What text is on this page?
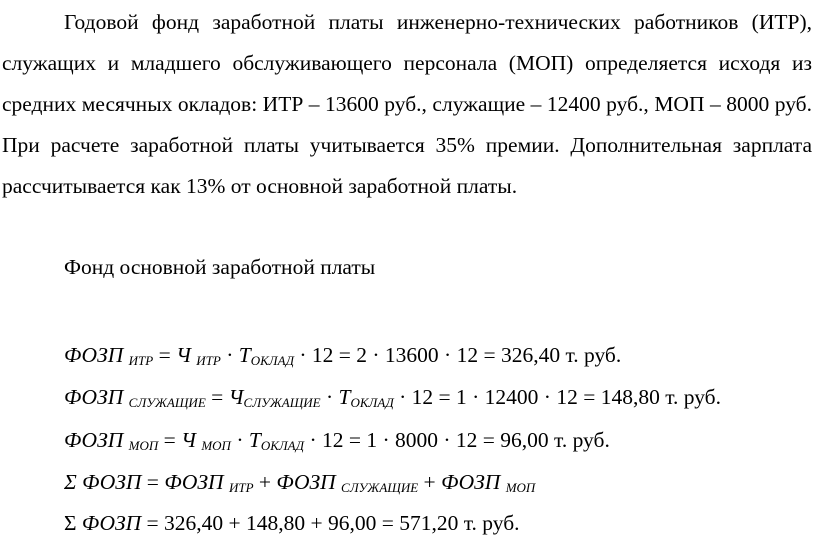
Годовой фонд заработной платы инженерно-технических работников (ИТР), служащих и младшего обслуживающего персонала (МОП) определяется исходя из средних месячных окладов: ИТР – 13600 руб., служащие – 12400 руб., МОП – 8000 руб. При расчете заработной платы учитывается 35% премии. Дополнительная зарплата рассчитывается как 13% от основной заработной платы.

Фонд основной заработной платы

ФОЗП $_{ИТР}$ = Ч $_{ИТР} \cdot Т_{ОКЛАД} \cdot 12 = 2 \cdot 13600 \cdot 12 = 326,40$ т. руб.

ФОЗП $_{СЛУЖАЩИЕ} = Ч_{СЛУЖАЩИЕ} \cdot Т_{ОКЛАД} \cdot 12 = 1 \cdot 12400 \cdot 12 = 148,80$ т. руб.

ФОЗП $_{МОП}$ = Ч $_{МОП} \cdot Т_{ОКЛАД} \cdot 12 = 1 \cdot 8000 \cdot 12 = 96,00$ т. руб.

Σ ФОЗП = ФОЗП $_{ИТР}$ + ФОЗП $_{СЛУЖАЩИЕ}$ + ФОЗП $_{МОП}$

Σ ФОЗП = 326,40 + 148,80 + 96,00 = 571,20 т. руб.
